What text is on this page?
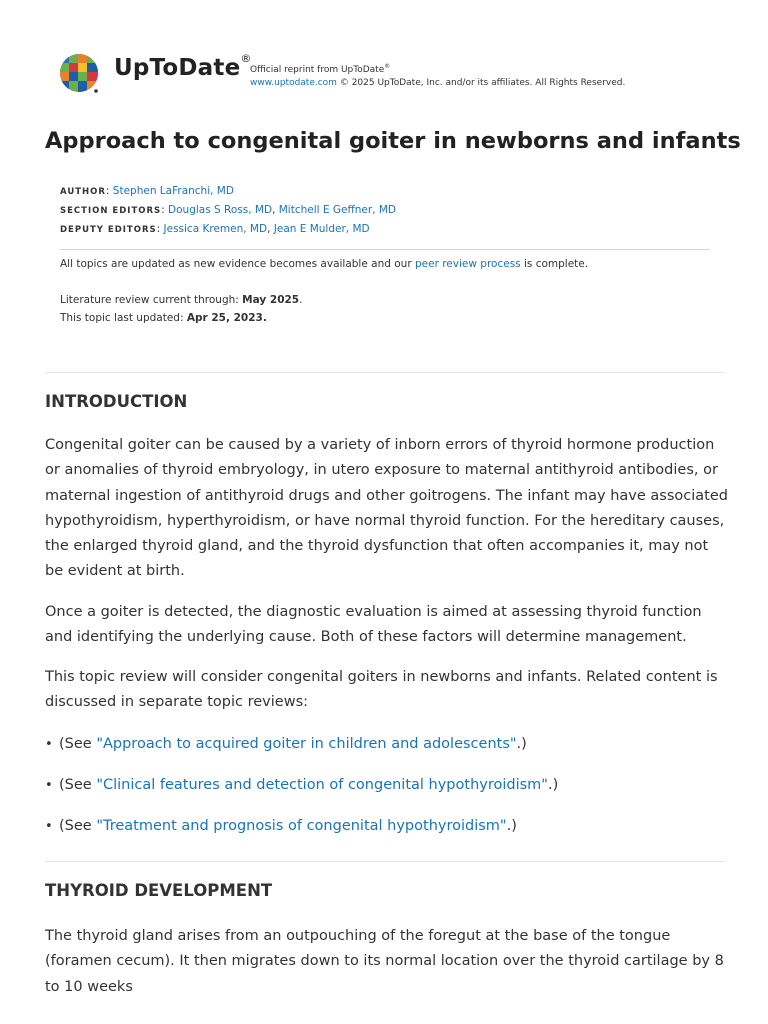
UpToDate®
Official reprint from UpToDate®
www.uptodate.com © 2025 UpToDate, Inc. and/or its affiliates. All Rights Reserved.
Approach to congenital goiter in newborns and infants
AUTHOR: Stephen LaFranchi, MD
SECTION EDITORS: Douglas S Ross, MD, Mitchell E Geffner, MD
DEPUTY EDITORS: Jessica Kremen, MD, Jean E Mulder, MD
All topics are updated as new evidence becomes available and our peer review process is complete.
Literature review current through: May 2025.
This topic last updated: Apr 25, 2023.
INTRODUCTION

Congenital goiter can be caused by a variety of inborn errors of thyroid hormone production or anomalies of thyroid embryology, in utero exposure to maternal antithyroid antibodies, or maternal ingestion of antithyroid drugs and other goitrogens. The infant may have associated hypothyroidism, hyperthyroidism, or have normal thyroid function. For the hereditary causes, the enlarged thyroid gland, and the thyroid dysfunction that often accompanies it, may not be evident at birth.

Once a goiter is detected, the diagnostic evaluation is aimed at assessing thyroid function and identifying the underlying cause. Both of these factors will determine management.

This topic review will consider congenital goiters in newborns and infants. Related content is discussed in separate topic reviews:

• (See "Approach to acquired goiter in children and adolescents".)
• (See "Clinical features and detection of congenital hypothyroidism".)
• (See "Treatment and prognosis of congenital hypothyroidism".)
THYROID DEVELOPMENT

The thyroid gland arises from an outpouching of the foregut at the base of the tongue (foramen cecum). It then migrates down to its normal location over the thyroid cartilage by 8 to 10 weeks
